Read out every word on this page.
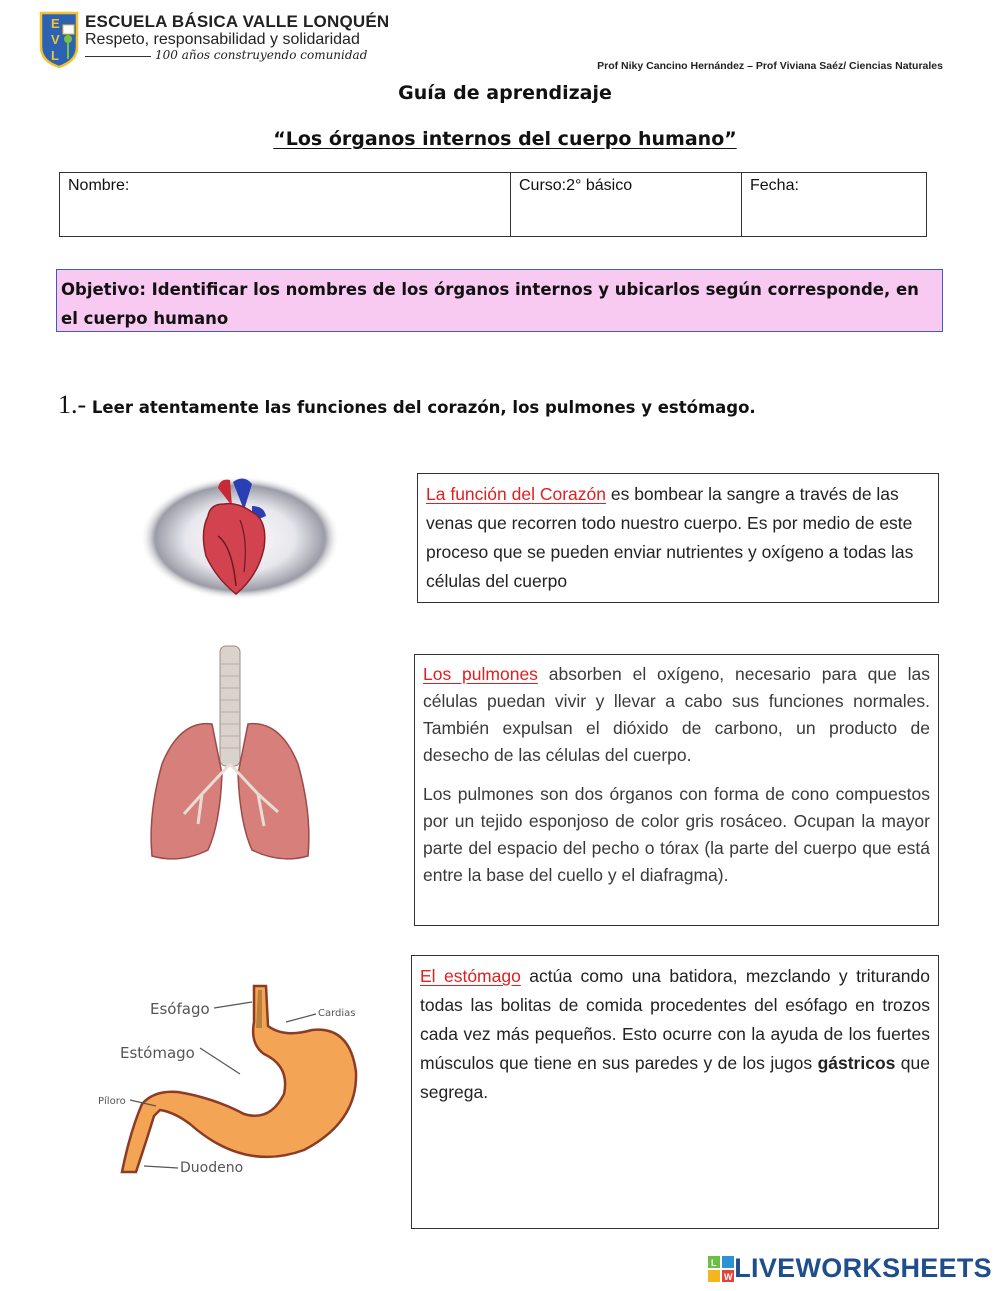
E
V
L
ESCUELA BÁSICA VALLE LONQUÉN
Respeto, responsabilidad y solidaridad
100 años construyendo comunidad
Prof Niky Cancino Hernández – Prof Viviana Saéz/ Ciencias Naturales
Guía de aprendizaje
“Los órganos internos del cuerpo humano”
Nombre:	Curso:2° básico	Fecha:
Objetivo: Identificar los nombres de los órganos internos y ubicarlos según corresponde, en el cuerpo humano
1.- Leer atentamente las funciones del corazón, los pulmones y estómago.

La función del Corazón es bombear la sangre a través de las venas que recorren todo nuestro cuerpo. Es por medio de este proceso que se pueden enviar nutrientes y oxígeno a todas las células del cuerpo

Los pulmones absorben el oxígeno, necesario para que las células puedan vivir y llevar a cabo sus funciones normales. También expulsan el dióxido de carbono, un producto de desecho de las células del cuerpo.

Los pulmones son dos órganos con forma de cono compuestos por un tejido esponjoso de color gris rosáceo. Ocupan la mayor parte del espacio del pecho o tórax (la parte del cuerpo que está entre la base del cuello y el diafragma).

Esófago
Estómago
Cardias
Píloro
Duodeno

El estómago actúa como una batidora, mezclando y triturando todas las bolitas de comida procedentes del esófago en trozos cada vez más pequeños. Esto ocurre con la ayuda de los fuertes músculos que tiene en sus paredes y de los jugos gástricos que segrega.

L
W LIVEWORKSHEETS
